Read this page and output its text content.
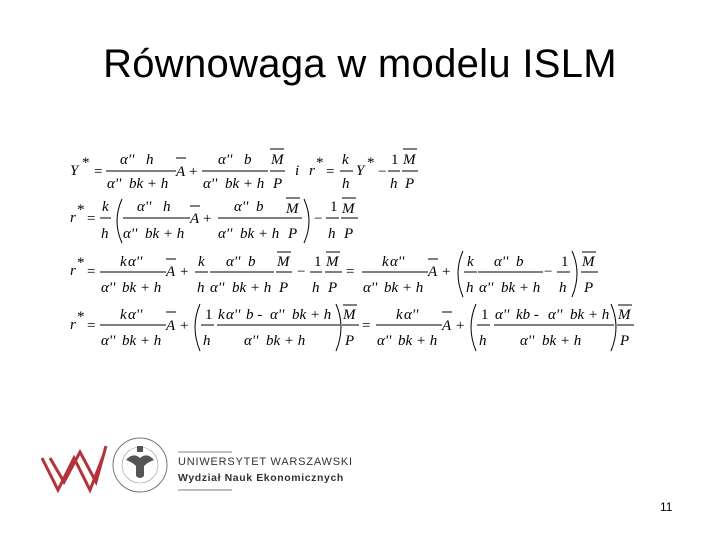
Równowaga w modelu ISLM
Y *
=
α'' h
α'' bk + h
A +
α'' b
α'' bk + h
M
P
i r *
=
k
h
Y *
−
1
h
M
P
r *
=
k
h
α'' h
α'' bk + h
A +
α'' b
α'' bk + h
M
P
−
1
h
M
P
r *
=
k α''
α'' bk + h
A +
k
h
α'' b
α'' bk + h
M
P
−
1
h
M
P
=
k α''
α'' bk + h
A +
k
h
α'' b
α'' bk + h
−
1
h
M
P
r *
=
k α''
α'' bk + h
A +
1
h
k α'' b - α'' bk + h
α'' bk + h
M
P
=
k α''
α'' bk + h
A +
1
h
α'' kb - α'' bk + h
α'' bk + h
M
P
UNIWERSYTET WARSZAWSKI
Wydział Nauk Ekonomicznych
11
